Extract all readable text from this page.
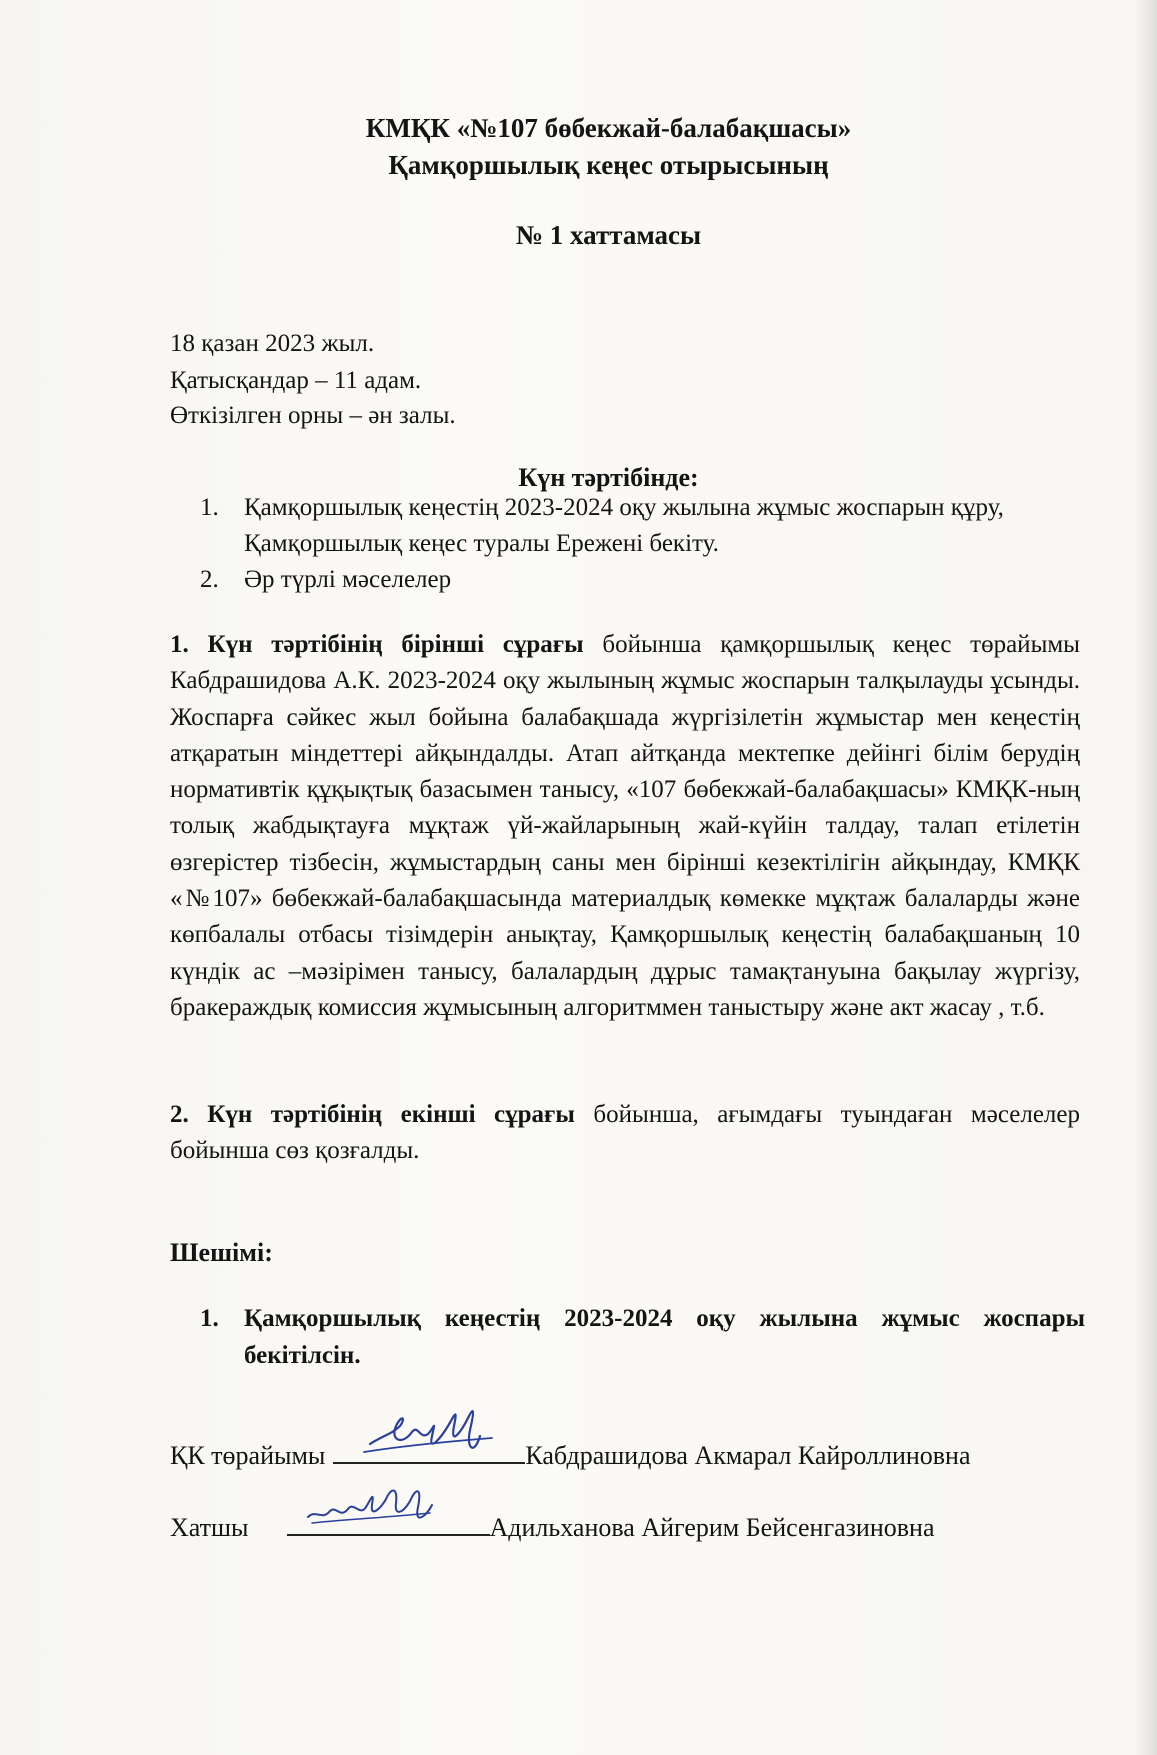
КМҚК «№107 бөбекжай-балабақшасы»
Қамқоршылық кеңес отырысының
№ 1 хаттамасы
18 қазан 2023 жыл.
Қатысқандар – 11 адам.
Өткізілген орны – ән залы.
Күн тәртібінде:
1.	Қамқоршылық кеңестің 2023-2024 оқу жылына жұмыс жоспарын құру, Қамқоршылық кеңес туралы Ережені бекіту.
2.	Әр түрлі мәселелер
1. Күн тәртібінің бірінші сұрағы бойынша қамқоршылық кеңес төрайымы Кабдрашидова А.К. 2023-2024 оқу жылының жұмыс жоспарын талқылауды ұсынды. Жоспарға сәйкес жыл бойына балабақшада жүргізілетін жұмыстар мен кеңестің атқаратын міндеттері айқындалды. Атап айтқанда мектепке дейінгі білім берудің нормативтік құқықтық базасымен танысу, «107 бөбекжай-балабақшасы» КМҚК-ның толық жабдықтауға мұқтаж үй-жайларының жай-күйін талдау, талап етілетін өзгерістер тізбесін, жұмыстардың саны мен бірінші кезектілігін айқындау, КМҚК «№107» бөбекжай-балабақшасында материалдық көмекке мұқтаж балаларды және көпбалалы отбасы тізімдерін анықтау, Қамқоршылық кеңестің балабақшаның 10 күндік ас –мәзірімен танысу, балалардың дұрыс тамақтануына бақылау жүргізу, бракераждық комиссия жұмысының алгоритммен таныстыру және акт жасау , т.б.
2. Күн тәртібінің екінші сұрағы бойынша, ағымдағы туындаған мәселелер бойынша сөз қозғалды.
Шешімі:
1.	Қамқоршылық кеңестің 2023-2024 оқу жылына жұмыс жоспары бекітілсін.
ҚК төрайымы	Кабдрашидова Акмарал Кайроллиновна
Хатшы	Адильханова Айгерим Бейсенгазиновна
